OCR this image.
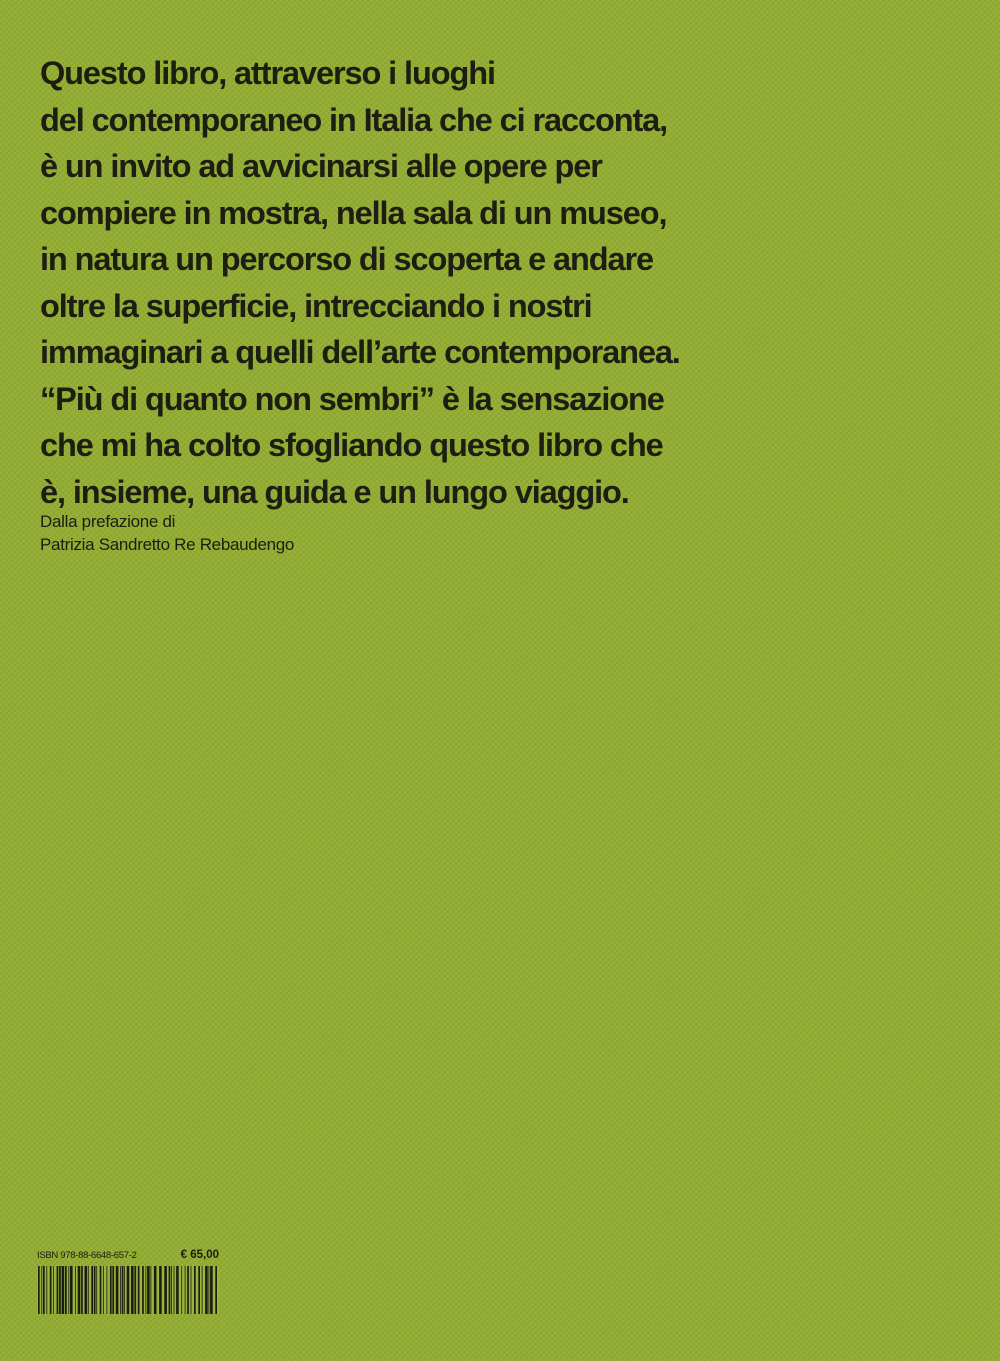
Questo libro, attraverso i luoghi
del contemporaneo in Italia che ci racconta,
è un invito ad avvicinarsi alle opere per
compiere in mostra, nella sala di un museo,
in natura un percorso di scoperta e andare
oltre la superficie, intrecciando i nostri
immaginari a quelli dell’arte contemporanea.
“Più di quanto non sembri” è la sensazione
che mi ha colto sfogliando questo libro che
è, insieme, una guida e un lungo viaggio.

Dalla prefazione di
Patrizia Sandretto Re Rebaudengo

ISBN 978-88-6648-657-2	€ 65,00
